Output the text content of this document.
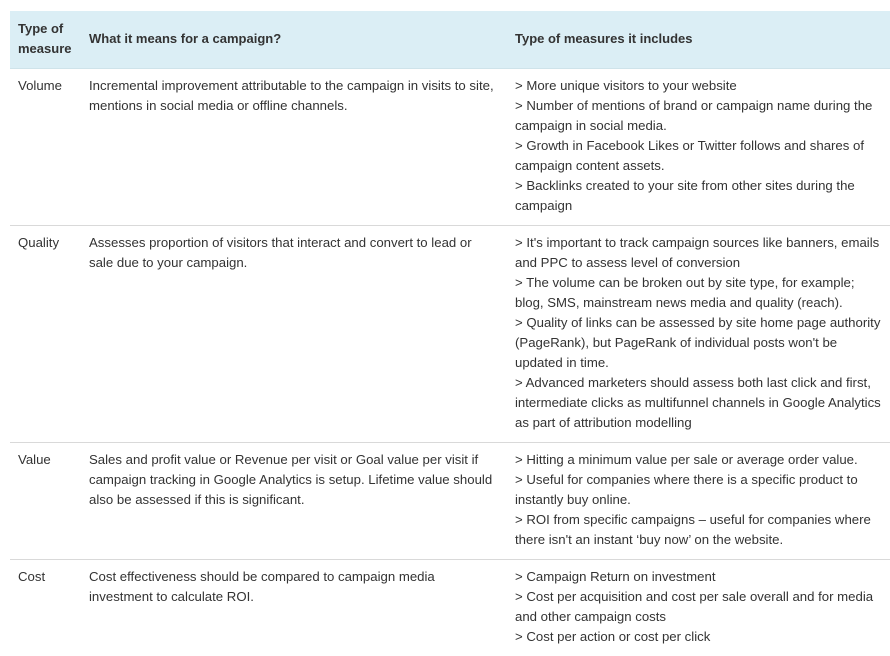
Type of measure	What it means for a campaign?	Type of measures it includes
Volume	Incremental improvement attributable to the campaign in visits to site, mentions in social media or offline channels.	> More unique visitors to your website
> Number of mentions of brand or campaign name during the campaign in social media.
> Growth in Facebook Likes or Twitter follows and shares of campaign content assets.
> Backlinks created to your site from other sites during the campaign

Quality	Assesses proportion of visitors that interact and convert to lead or sale due to your campaign.	> It's important to track campaign sources like banners, emails and PPC to assess level of conversion
> The volume can be broken out by site type, for example; blog, SMS, mainstream news media and quality (reach).
> Quality of links can be assessed by site home page authority (PageRank), but PageRank of individual posts won't be updated in time.
> Advanced marketers should assess both last click and first, intermediate clicks as multifunnel channels in Google Analytics as part of attribution modelling

Value	Sales and profit value or Revenue per visit or Goal value per visit if campaign tracking in Google Analytics is setup. Lifetime value should also be assessed if this is significant.	> Hitting a minimum value per sale or average order value.
> Useful for companies where there is a specific product to instantly buy online.
> ROI from specific campaigns – useful for companies where there isn't an instant ‘buy now’ on the website.

Cost	Cost effectiveness should be compared to campaign media investment to calculate ROI.	> Campaign Return on investment
> Cost per acquisition and cost per sale overall and for media and other campaign costs
> Cost per action or cost per click
